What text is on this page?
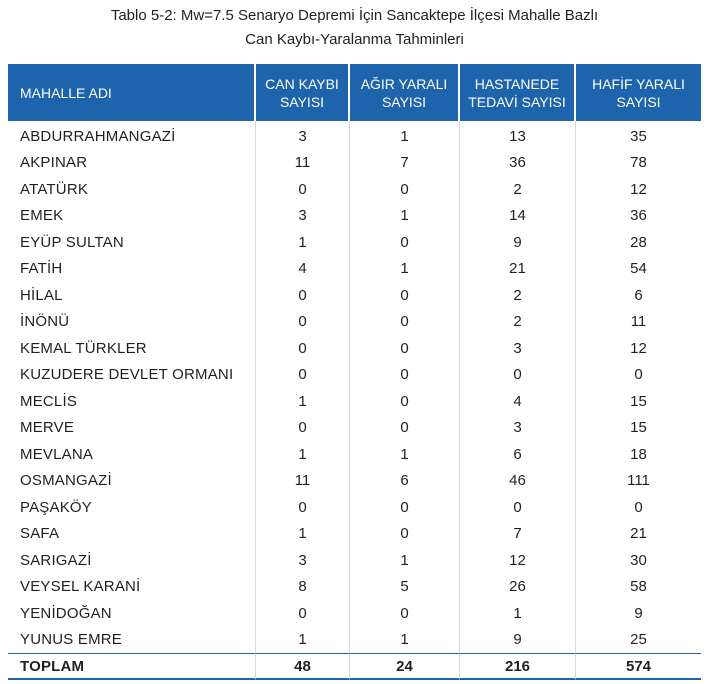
Tablo 5-2: Mw=7.5 Senaryo Depremi İçin Sancaktepe İlçesi Mahalle Bazlı
Can Kaybı-Yaralanma Tahminleri
MAHALLE ADI	CAN KAYBI SAYISI	AĞIR YARALI SAYISI	HASTANEDE TEDAVİ SAYISI	HAFİF YARALI SAYISI
ABDURRAHMANGAZİ	3	1	13	35
AKPINAR	11	7	36	78
ATATÜRK	0	0	2	12
EMEK	3	1	14	36
EYÜP SULTAN	1	0	9	28
FATİH	4	1	21	54
HİLAL	0	0	2	6
İNÖNÜ	0	0	2	11
KEMAL TÜRKLER	0	0	3	12
KUZUDERE DEVLET ORMANI	0	0	0	0
MECLİS	1	0	4	15
MERVE	0	0	3	15
MEVLANA	1	1	6	18
OSMANGAZİ	11	6	46	111
PAŞAKÖY	0	0	0	0
SAFA	1	0	7	21
SARIGAZİ	3	1	12	30
VEYSEL KARANİ	8	5	26	58
YENİDOĞAN	0	0	1	9
YUNUS EMRE	1	1	9	25
TOPLAM	48	24	216	574
